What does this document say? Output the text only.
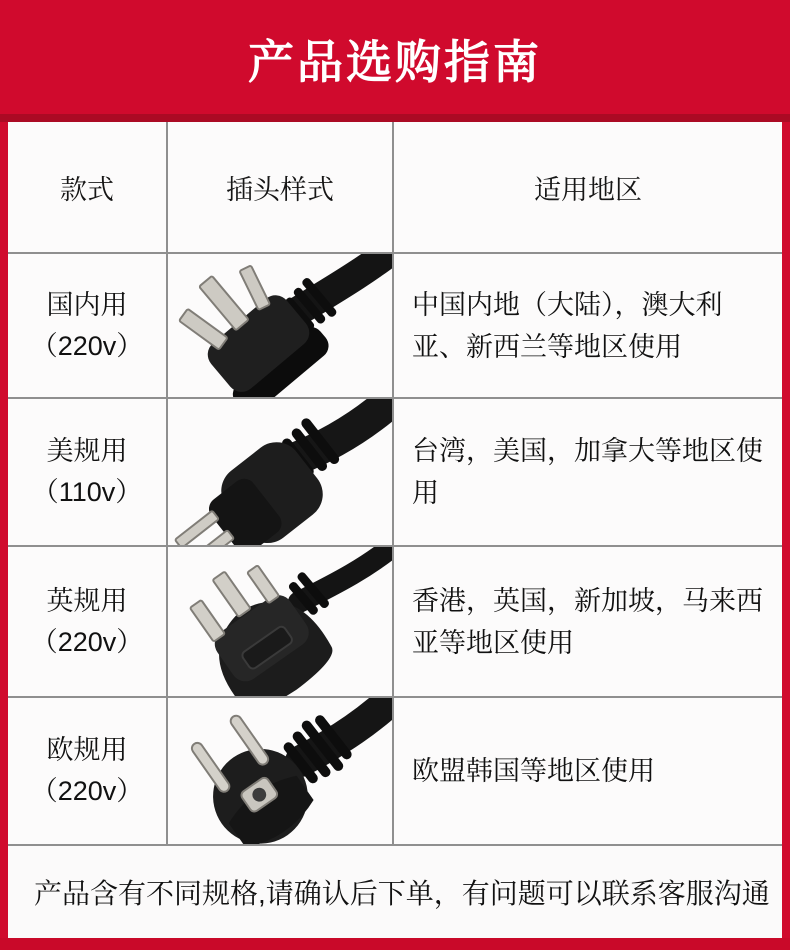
产品选购指南
款式	插头样式	适用地区
国内用
（220v）
中国内地（大陆），澳大利亚、新西兰等地区使用
美规用
（110v）
台湾，美国，加拿大等地区使用
英规用
（220v）
香港，英国，新加坡，马来西亚等地区使用
欧规用
（220v）
欧盟韩国等地区使用
产品含有不同规格,请确认后下单，有问题可以联系客服沟通
